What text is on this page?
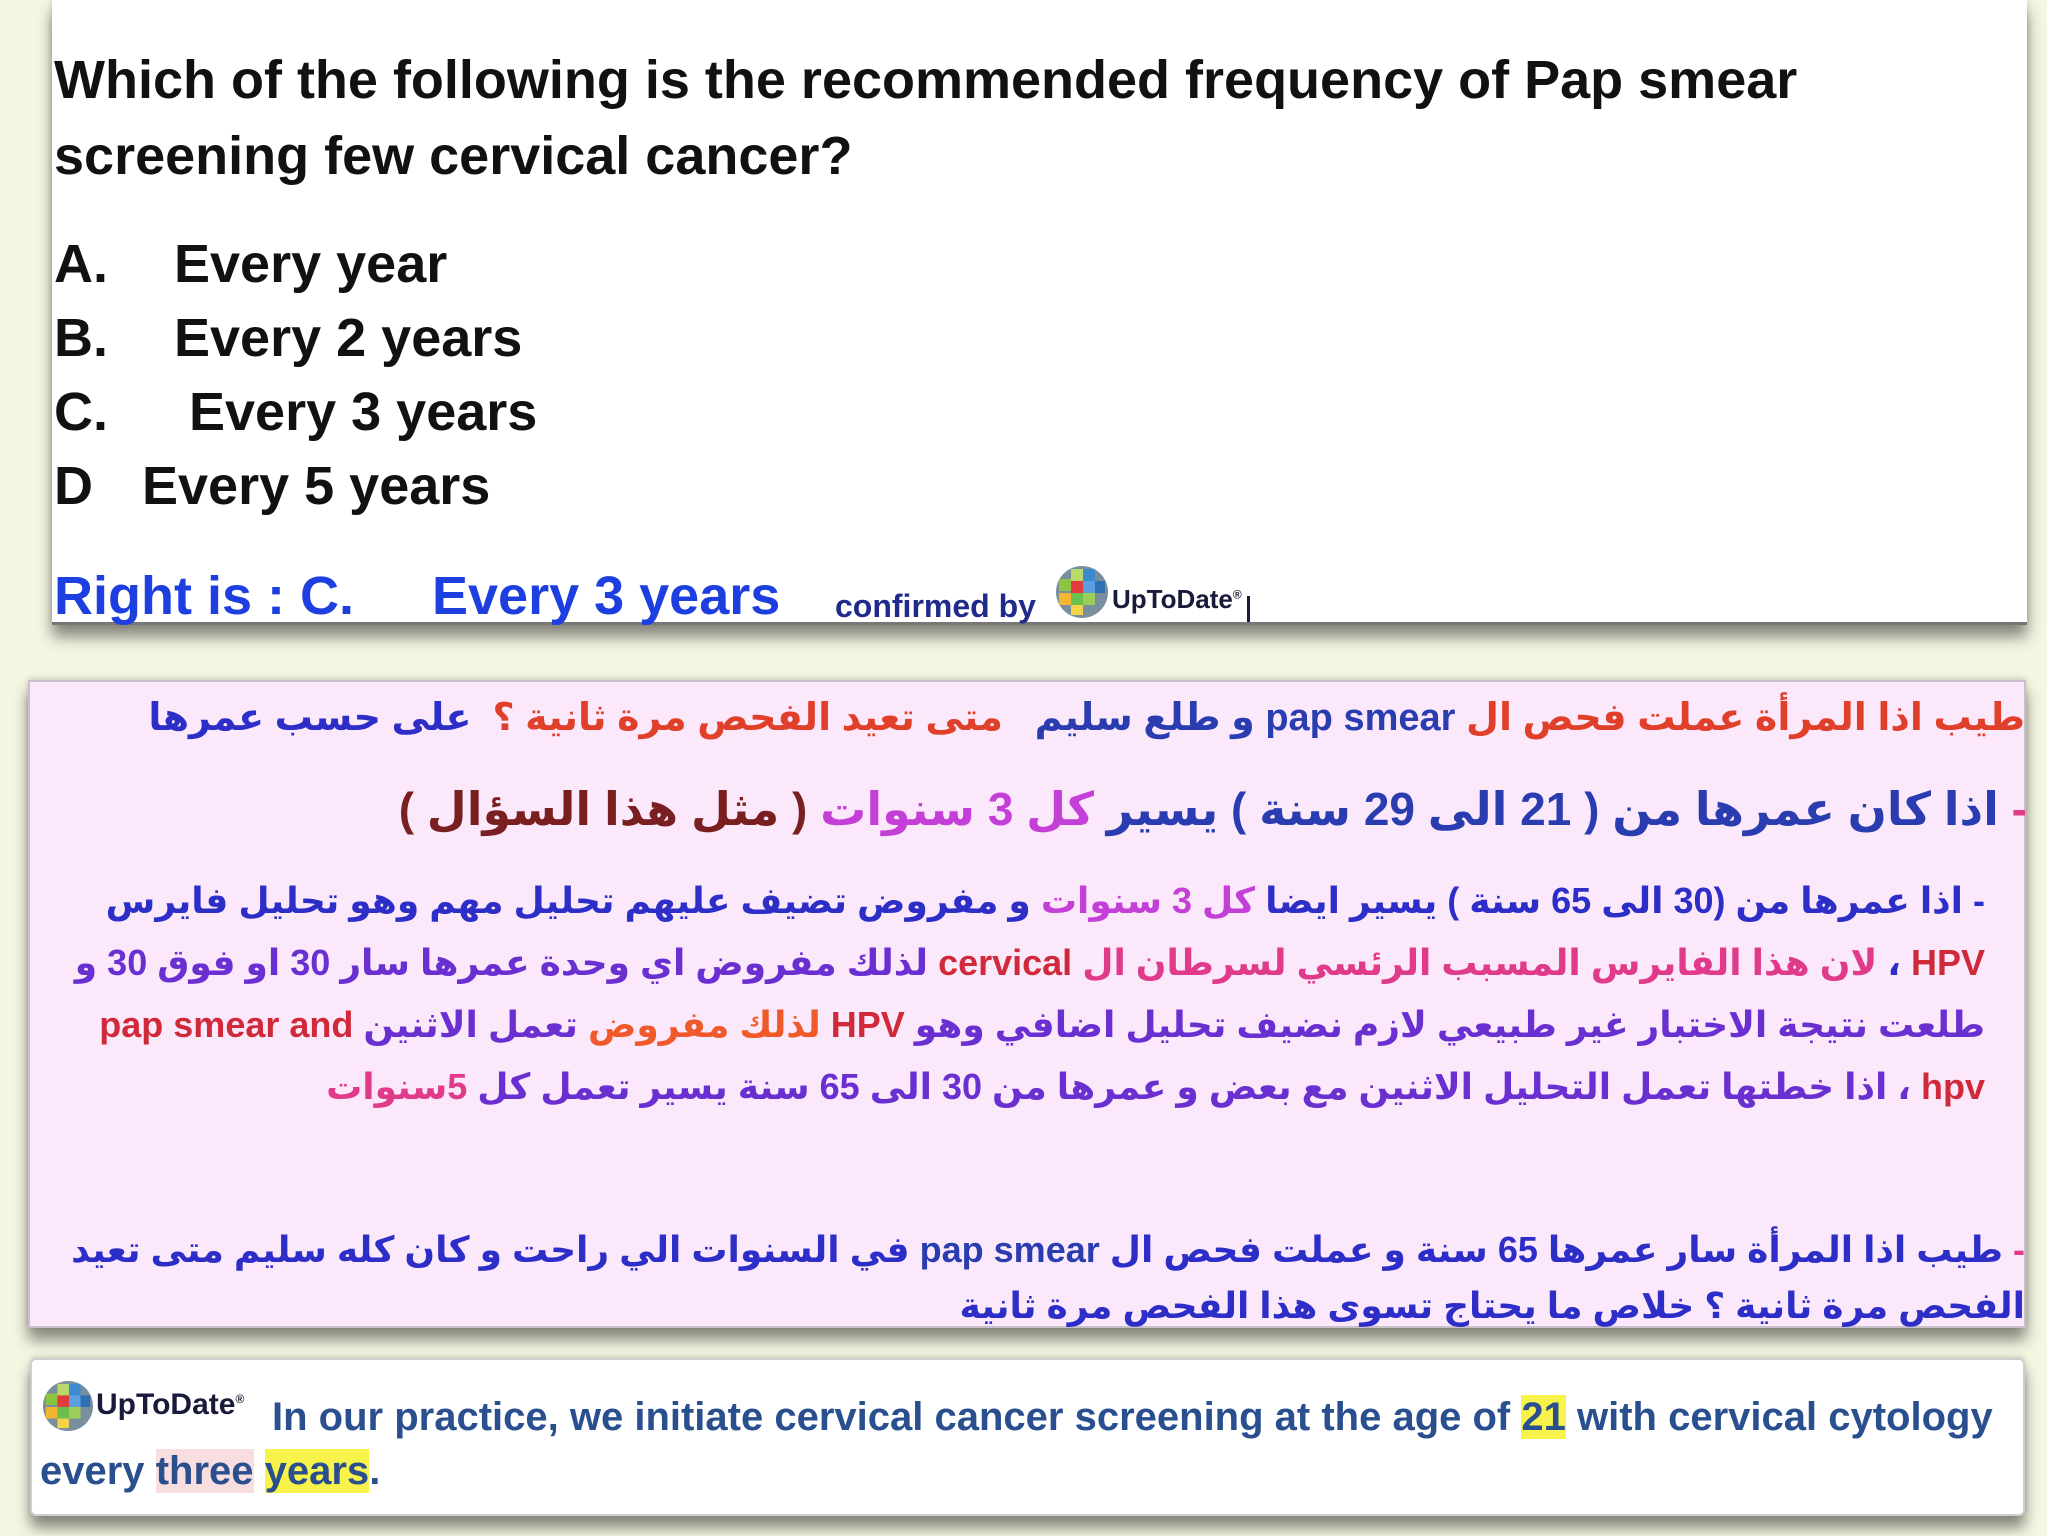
Which of the following is the recommended frequency of Pap smear screening few cervical cancer?

A. Every year
B. Every 2 years
C. Every 3 years
D Every 5 years
Right is : C. Every 3 years confirmed by	UpToDate®

طيب اذا المرأة عملت فحص ال pap smear و طلع سليم   متى تعيد الفحص مرة ثانية ؟  على حسب عمرها

- اذا كان عمرها من ( 21 الى 29 سنة ) يسير كل 3 سنوات ( مثل هذا السؤال )

- اذا عمرها من (30 الى 65 سنة ) يسير ايضا كل 3 سنوات و مفروض تضيف عليهم تحليل مهم وهو تحليل فايرس HPV ، لان هذا الفايرس المسبب الرئسي لسرطان ال cervical لذلك مفروض اي وحدة عمرها سار 30 او فوق 30 و طلعت نتيجة الاختبار غير طبيعي لازم نضيف تحليل اضافي وهو HPV لذلك مفروض تعمل الاثنين pap smear and hpv ، اذا خطتها تعمل التحليل الاثنين مع بعض و عمرها من 30 الى 65 سنة يسير تعمل كل 5سنوات

- طيب اذا المرأة سار عمرها 65 سنة و عملت فحص ال pap smear في السنوات الي راحت و كان كله سليم متى تعيد الفحص مرة ثانية ؟ خلاص ما يحتاج تسوى هذا الفحص مرة ثانية

UpToDate® In our practice, we initiate cervical cancer screening at the age of 21 with cervical cytology every three years.
